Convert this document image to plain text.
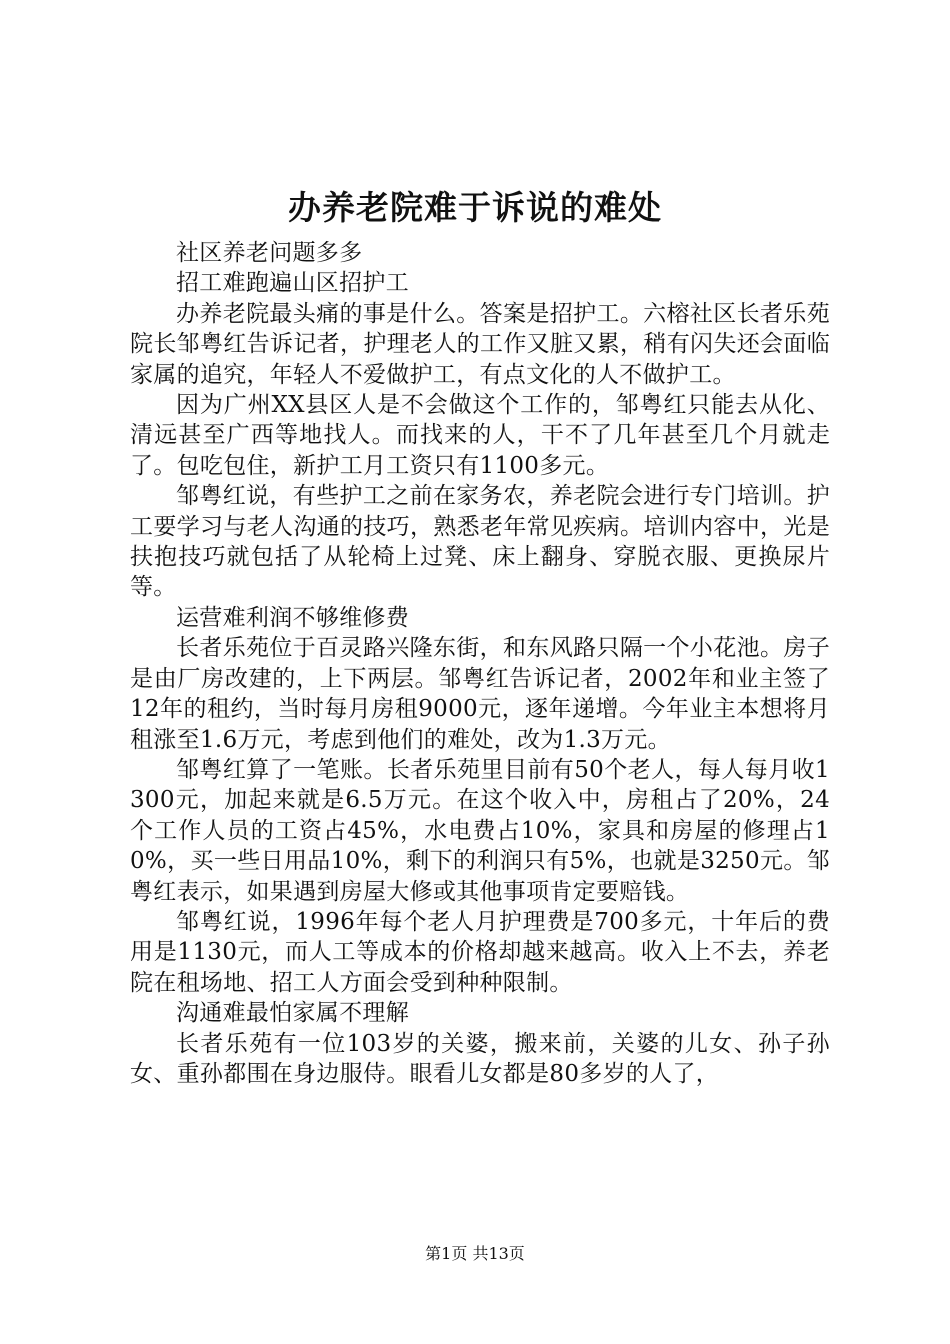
办养老院难于诉说的难处

社区养老问题多多

招工难跑遍山区招护工

办养老院最头痛的事是什么。答案是招护工。六榕社区长者乐苑院长邹粤红告诉记者，护理老人的工作又脏又累，稍有闪失还会面临家属的追究，年轻人不爱做护工，有点文化的人不做护工。

因为广州XX县区人是不会做这个工作的，邹粤红只能去从化、清远甚至广西等地找人。而找来的人，干不了几年甚至几个月就走了。包吃包住，新护工月工资只有1100多元。

邹粤红说，有些护工之前在家务农，养老院会进行专门培训。护工要学习与老人沟通的技巧，熟悉老年常见疾病。培训内容中，光是扶抱技巧就包括了从轮椅上过凳、床上翻身、穿脱衣服、更换尿片等。

运营难利润不够维修费

长者乐苑位于百灵路兴隆东街，和东风路只隔一个小花池。房子是由厂房改建的，上下两层。邹粤红告诉记者，2002年和业主签了12年的租约，当时每月房租9000元，逐年递增。今年业主本想将月租涨至1.6万元，考虑到他们的难处，改为1.3万元。

邹粤红算了一笔账。长者乐苑里目前有50个老人，每人每月收1300元，加起来就是6.5万元。在这个收入中，房租占了20%，24个工作人员的工资占45%，水电费占10%，家具和房屋的修理占10%，买一些日用品10%，剩下的利润只有5%，也就是3250元。邹粤红表示，如果遇到房屋大修或其他事项肯定要赔钱。

邹粤红说，1996年每个老人月护理费是700多元，十年后的费用是1130元，而人工等成本的价格却越来越高。收入上不去，养老院在租场地、招工人方面会受到种种限制。

沟通难最怕家属不理解

长者乐苑有一位103岁的关婆，搬来前，关婆的儿女、孙子孙女、重孙都围在身边服侍。眼看儿女都是80多岁的人了，

第1页 共13页
